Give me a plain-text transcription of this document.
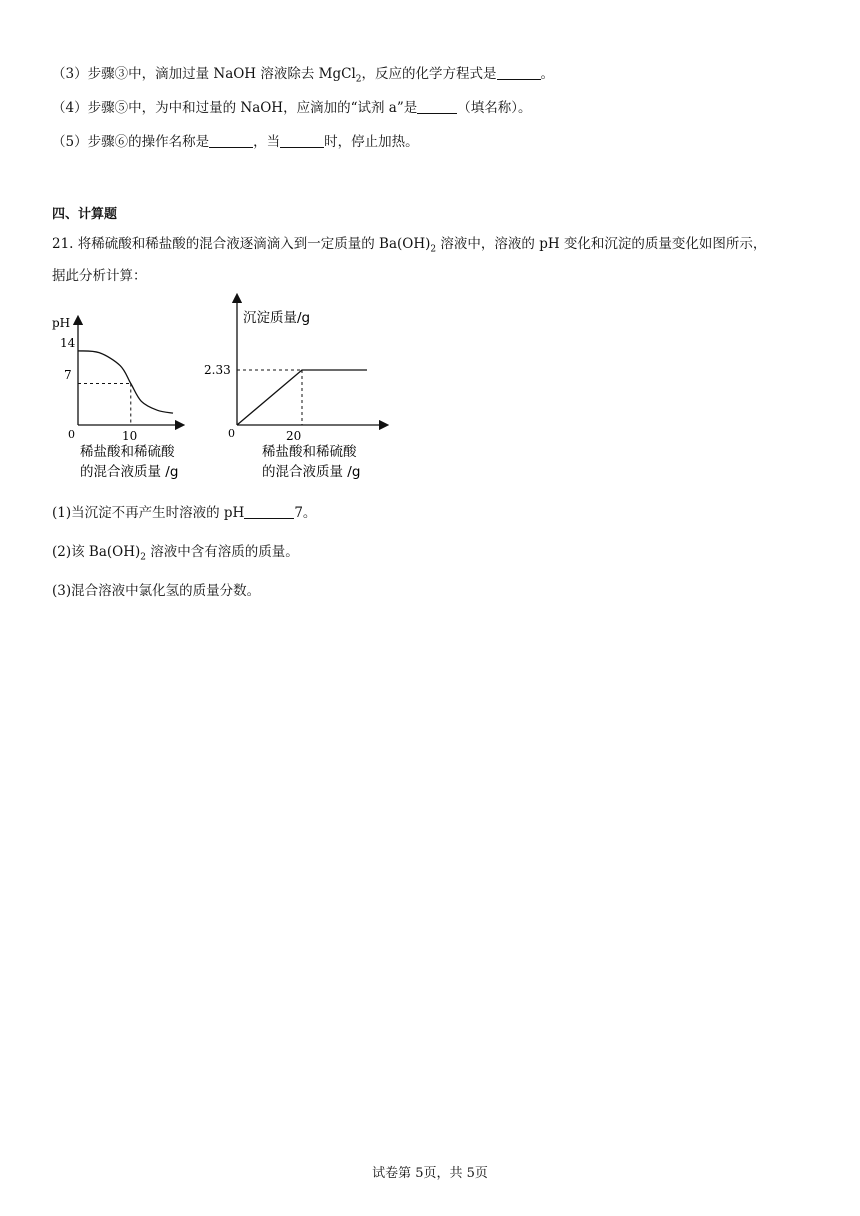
（3）步骤③中，滴加过量 NaOH 溶液除去 MgCl$_2$，反应的化学方程式是	。
（4）步骤⑤中，为中和过量的 NaOH，应滴加的“试剂 a”是	（填名称）。
（5）步骤⑥的操作名称是	，当	时，停止加热。
四、计算题
21. 将稀硫酸和稀盐酸的混合液逐滴滴入到一定质量的 $Ba(OH)_2$ 溶液中，溶液的 pH 变化和沉淀的质量变化如图所示，
据此分析计算：
pH
14
7
0	10
稀盐酸和稀硫酸
的混合液质量 /g
沉淀质量/g
2.33
0	20
稀盐酸和稀硫酸
的混合液质量 /g
(1)当沉淀不再产生时溶液的 pH	7。
(2)该 $Ba(OH)_2$ 溶液中含有溶质的质量。
(3)混合溶液中氯化氢的质量分数。
试卷第 5页，共 5页
